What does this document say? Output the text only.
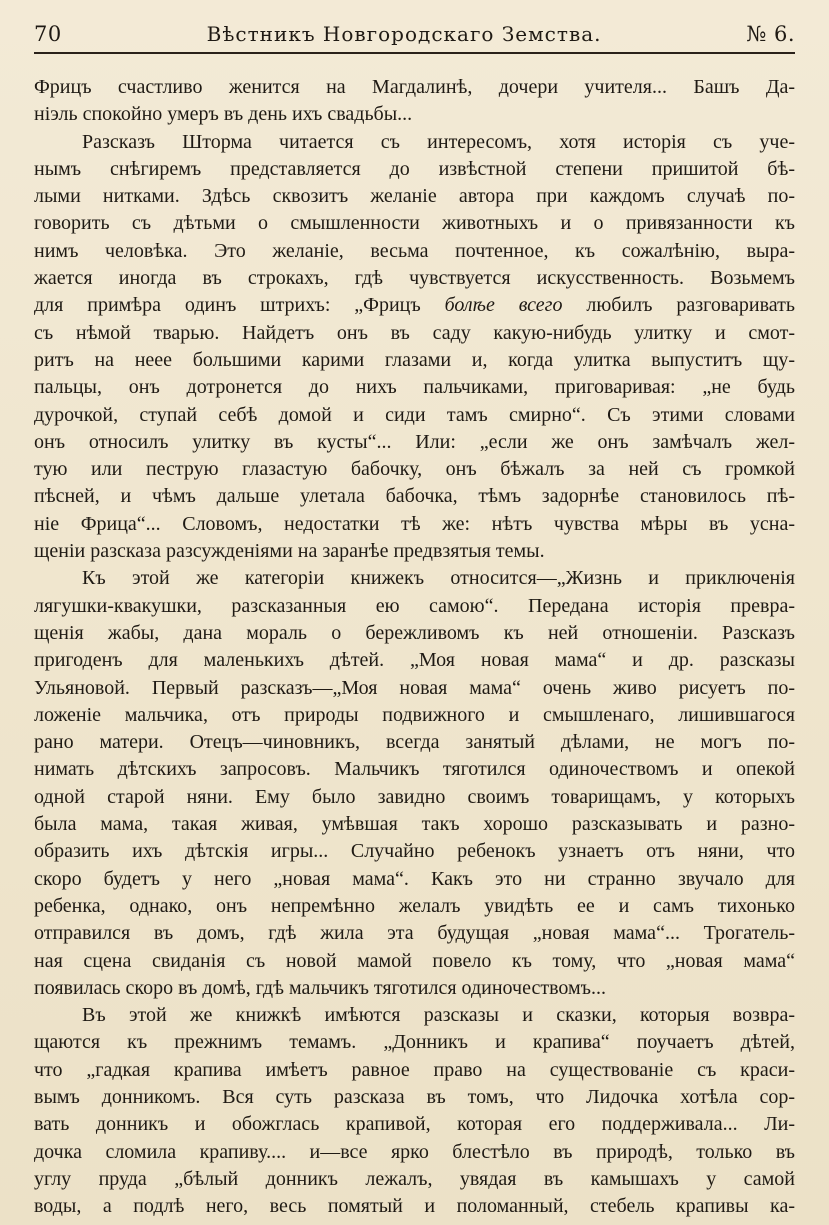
70	Вѣстникъ Новгородскаго Земства.	№ 6.
Фрицъ счастливо женится на Магдалинѣ, дочери учителя... Башъ Да-
ніэль спокойно умеръ въ день ихъ свадьбы...
Разсказъ Шторма читается съ интересомъ, хотя исторія съ уче-
нымъ снѣгиремъ представляется до извѣстной степени пришитой бѣ-
лыми нитками. Здѣсь сквозитъ желаніе автора при каждомъ случаѣ по-
говорить съ дѣтьми о смышленности животныхъ и о привязанности къ
нимъ человѣка. Это желаніе, весьма почтенное, къ сожалѣнію, выра-
жается иногда въ строкахъ, гдѣ чувствуется искусственность. Возьмемъ
для примѣра одинъ штрихъ: „Фрицъ болѣе всего любилъ разговаривать
съ нѣмой тварью. Найдетъ онъ въ саду какую-нибудь улитку и смот-
ритъ на неее большими карими глазами и, когда улитка выпуститъ щу-
пальцы, онъ дотронется до нихъ пальчиками, приговаривая: „не будь
дурочкой, ступай себѣ домой и сиди тамъ смирно“. Съ этими словами
онъ относилъ улитку въ кусты“... Или: „если же онъ замѣчалъ жел-
тую или пеструю глазастую бабочку, онъ бѣжалъ за ней съ громкой
пѣсней, и чѣмъ дальше улетала бабочка, тѣмъ задорнѣе становилось пѣ-
ніе Фрица“... Словомъ, недостатки тѣ же: нѣтъ чувства мѣры въ усна-
щеніи разсказа разсужденіями на заранѣе предвзятыя темы.
Къ этой же категоріи книжекъ относится—„Жизнь и приключенія
лягушки-квакушки, разсказанныя ею самою“. Передана исторія превра-
щенія жабы, дана мораль о бережливомъ къ ней отношеніи. Разсказъ
пригоденъ для маленькихъ дѣтей. „Моя новая мама“ и др. разсказы
Ульяновой. Первый разсказъ—„Моя новая мама“ очень живо рисуетъ по-
ложеніе мальчика, отъ природы подвижного и смышленаго, лишившагося
рано матери. Отецъ—чиновникъ, всегда занятый дѣлами, не могъ по-
нимать дѣтскихъ запросовъ. Мальчикъ тяготился одиночествомъ и опекой
одной старой няни. Ему было завидно своимъ товарищамъ, у которыхъ
была мама, такая живая, умѣвшая такъ хорошо разсказывать и разно-
образить ихъ дѣтскія игры... Случайно ребенокъ узнаетъ отъ няни, что
скоро будетъ у него „новая мама“. Какъ это ни странно звучало для
ребенка, однако, онъ непремѣнно желалъ увидѣть ее и самъ тихонько
отправился въ домъ, гдѣ жила эта будущая „новая мама“... Трогатель-
ная сцена свиданія съ новой мамой повело къ тому, что „новая мама“
появилась скоро въ домѣ, гдѣ мальчикъ тяготился одиночествомъ...
Въ этой же книжкѣ имѣются разсказы и сказки, которыя возвра-
щаются къ прежнимъ темамъ. „Донникъ и крапива“ поучаетъ дѣтей,
что „гадкая крапива имѣетъ равное право на существованіе съ краси-
вымъ донникомъ. Вся суть разсказа въ томъ, что Лидочка хотѣла сор-
вать донникъ и обожглась крапивой, которая его поддерживала... Ли-
дочка сломила крапиву.... и—все ярко блестѣло въ природѣ, только въ
углу пруда „бѣлый донникъ лежалъ, увядая въ камышахъ у самой
воды, а подлѣ него, весь помятый и поломанный, стебель крапивы ка-
